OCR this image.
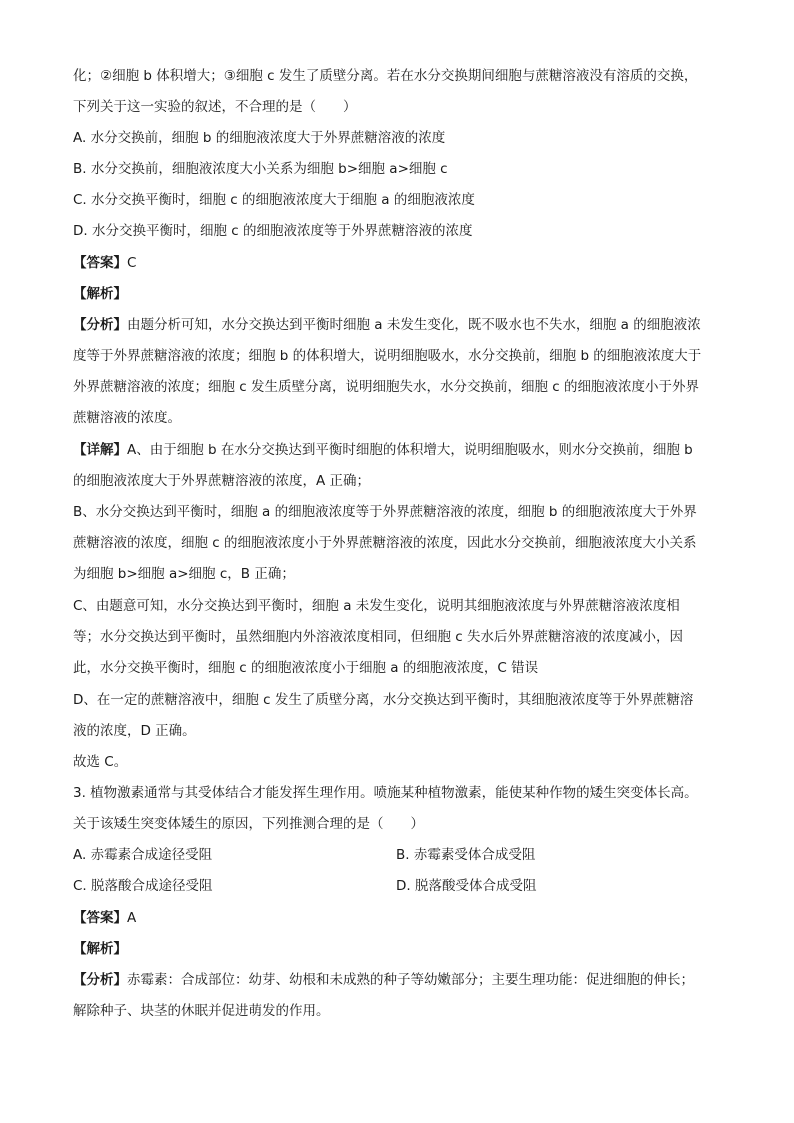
化；②细胞 b 体积增大；③细胞 c 发生了质壁分离。若在水分交换期间细胞与蔗糖溶液没有溶质的交换，
下列关于这一实验的叙述，不合理的是（　　）
A. 水分交换前，细胞 b 的细胞液浓度大于外界蔗糖溶液的浓度
B. 水分交换前，细胞液浓度大小关系为细胞 b>细胞 a>细胞 c
C. 水分交换平衡时，细胞 c 的细胞液浓度大于细胞 a 的细胞液浓度
D. 水分交换平衡时，细胞 c 的细胞液浓度等于外界蔗糖溶液的浓度
【答案】C
【解析】
【分析】由题分析可知，水分交换达到平衡时细胞 a 未发生变化，既不吸水也不失水，细胞 a 的细胞液浓
度等于外界蔗糖溶液的浓度；细胞 b 的体积增大，说明细胞吸水，水分交换前，细胞 b 的细胞液浓度大于
外界蔗糖溶液的浓度；细胞 c 发生质壁分离，说明细胞失水，水分交换前，细胞 c 的细胞液浓度小于外界
蔗糖溶液的浓度。
【详解】A、由于细胞 b 在水分交换达到平衡时细胞的体积增大，说明细胞吸水，则水分交换前，细胞 b
的细胞液浓度大于外界蔗糖溶液的浓度，A 正确；
B、水分交换达到平衡时，细胞 a 的细胞液浓度等于外界蔗糖溶液的浓度，细胞 b 的细胞液浓度大于外界
蔗糖溶液的浓度，细胞 c 的细胞液浓度小于外界蔗糖溶液的浓度，因此水分交换前，细胞液浓度大小关系
为细胞 b>细胞 a>细胞 c，B 正确；
C、由题意可知，水分交换达到平衡时，细胞 a 未发生变化，说明其细胞液浓度与外界蔗糖溶液浓度相
等；水分交换达到平衡时，虽然细胞内外溶液浓度相同，但细胞 c 失水后外界蔗糖溶液的浓度减小，因
此，水分交换平衡时，细胞 c 的细胞液浓度小于细胞 a 的细胞液浓度，C 错误
D、在一定的蔗糖溶液中，细胞 c 发生了质壁分离，水分交换达到平衡时，其细胞液浓度等于外界蔗糖溶
液的浓度，D 正确。
故选 C。
3. 植物激素通常与其受体结合才能发挥生理作用。喷施某种植物激素，能使某种作物的矮生突变体长高。
关于该矮生突变体矮生的原因，下列推测合理的是（　　）
A. 赤霉素合成途径受阻	B. 赤霉素受体合成受阻
C. 脱落酸合成途径受阻	D. 脱落酸受体合成受阻
【答案】A
【解析】
【分析】赤霉素：合成部位：幼芽、幼根和未成熟的种子等幼嫩部分；主要生理功能：促进细胞的伸长；
解除种子、块茎的休眠并促进萌发的作用。
